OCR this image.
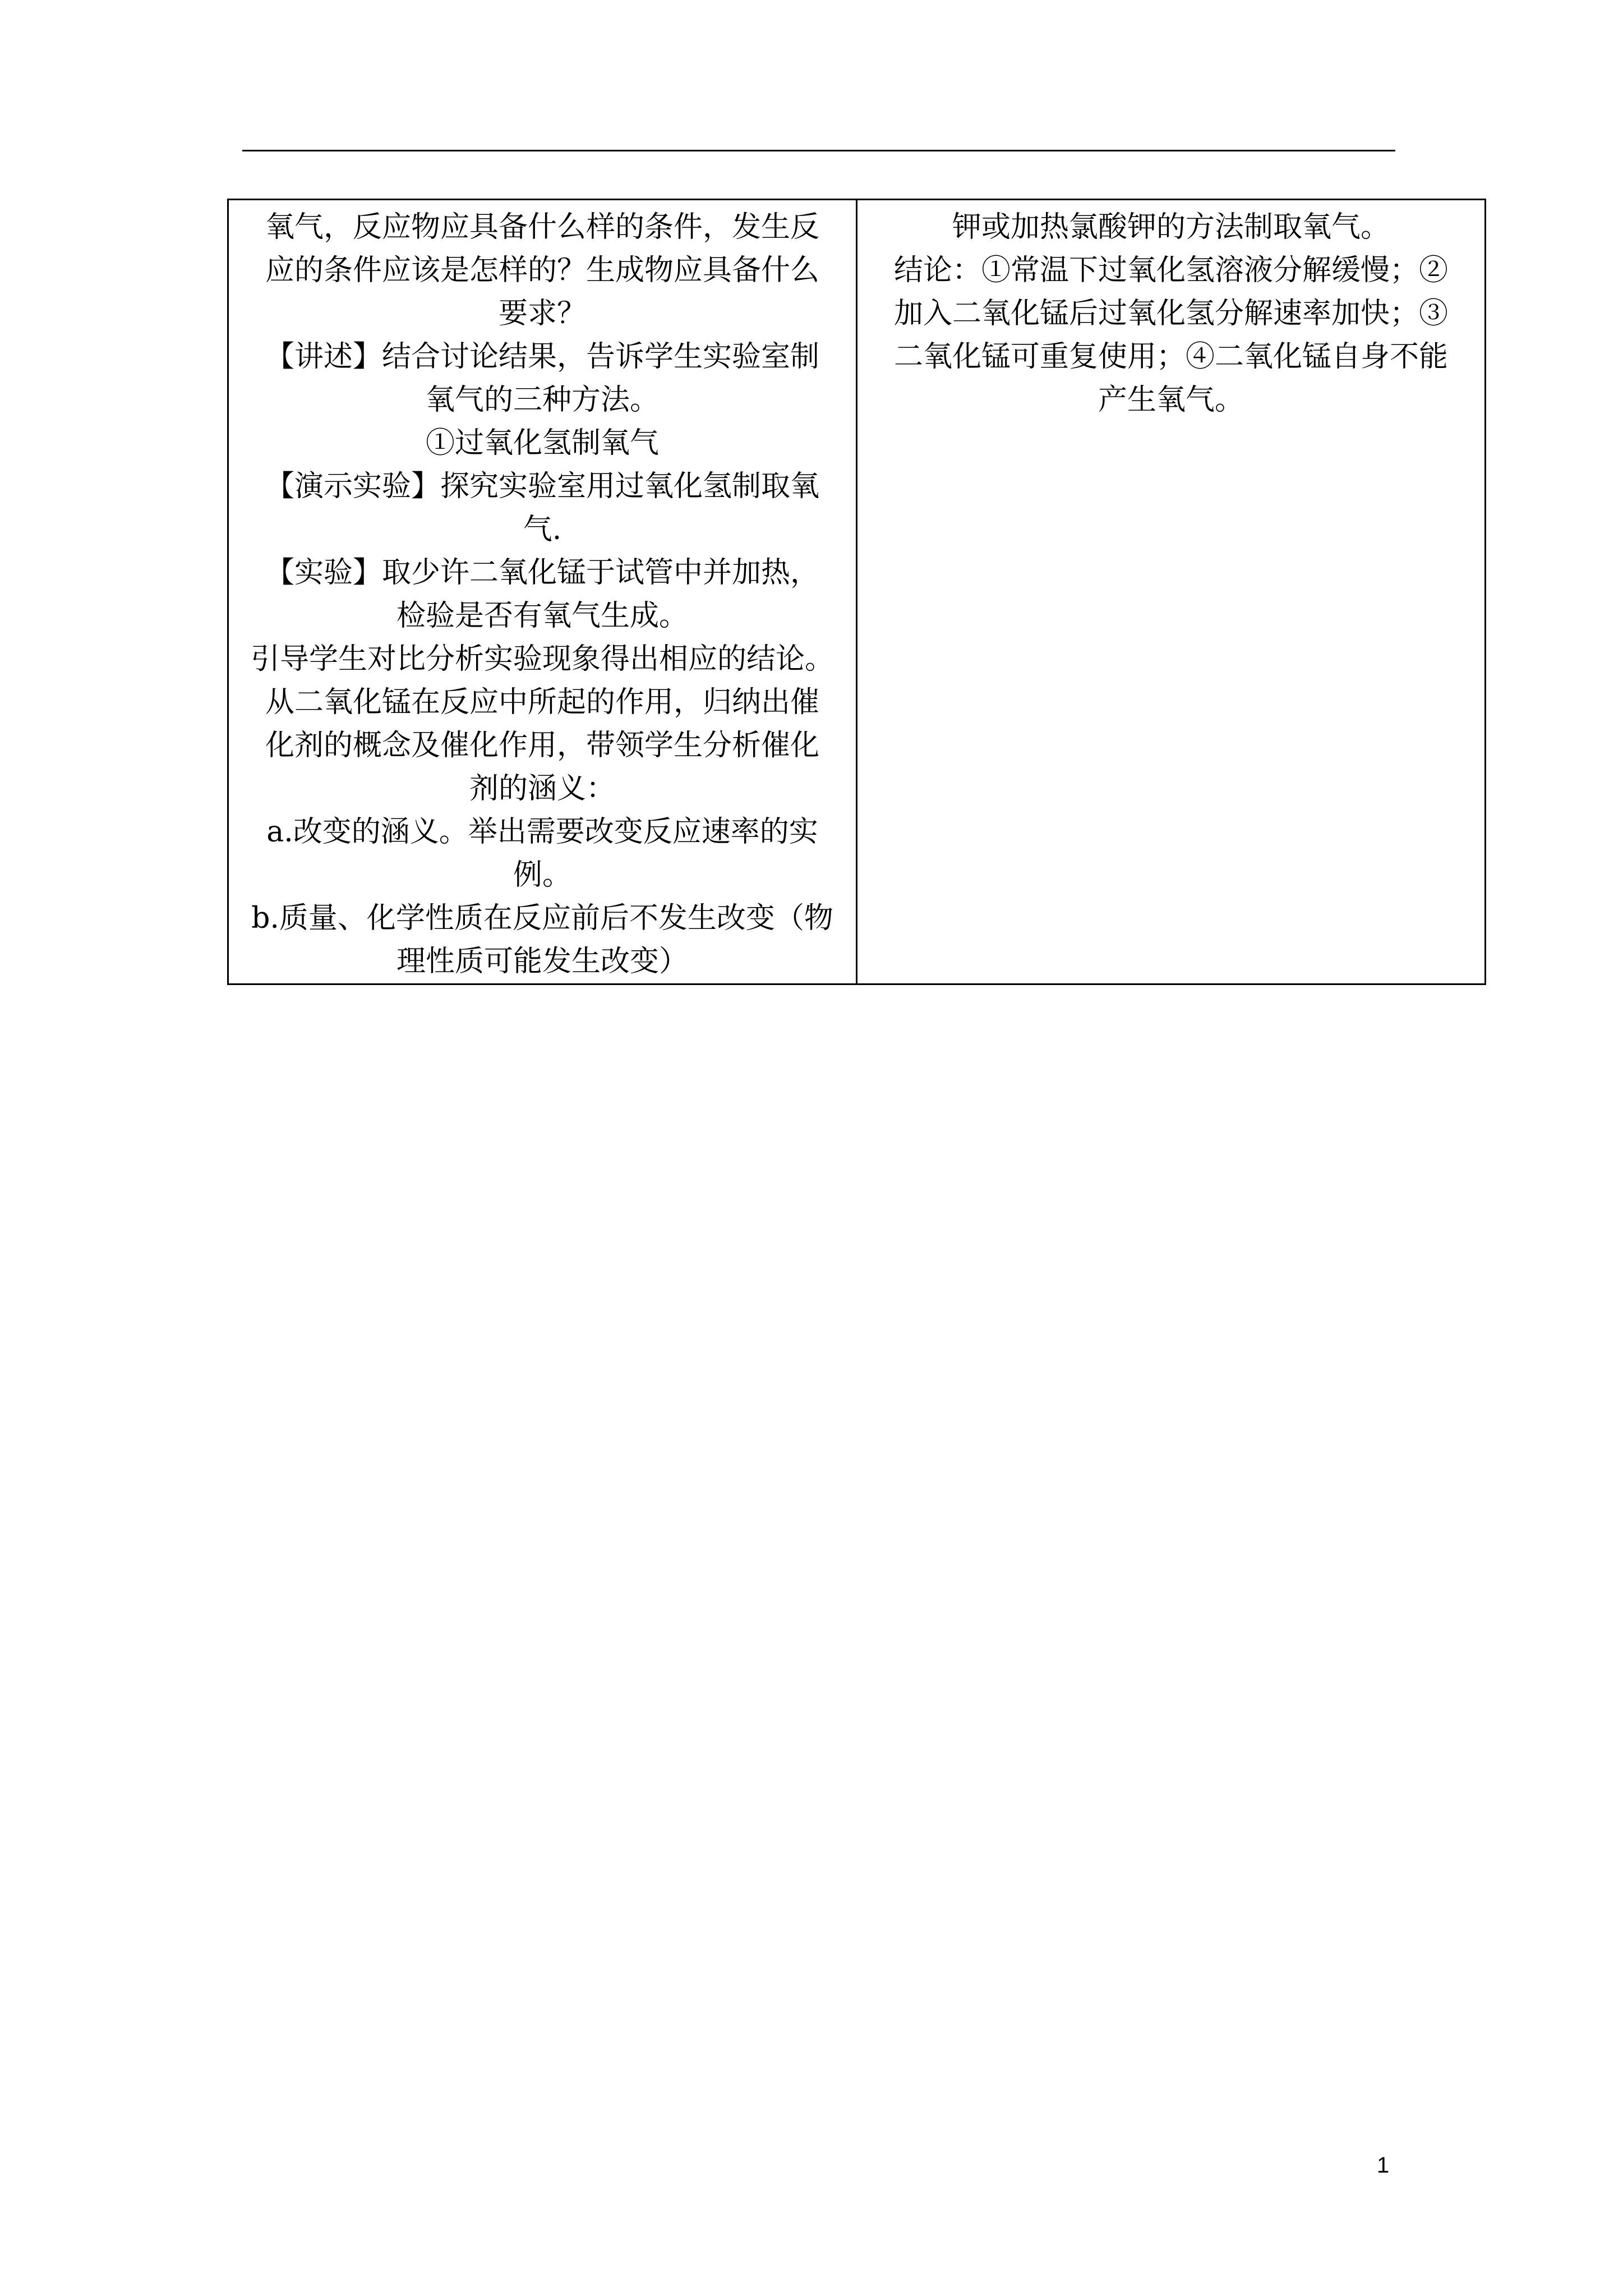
氧气，反应物应具备什么样的条件，发生反
应的条件应该是怎样的？生成物应具备什么
要求？
【讲述】结合讨论结果，告诉学生实验室制
氧气的三种方法。
①过氧化氢制氧气
【演示实验】探究实验室用过氧化氢制取氧
气.
【实验】取少许二氧化锰于试管中并加热，
检验是否有氧气生成。
引导学生对比分析实验现象得出相应的结论。
从二氧化锰在反应中所起的作用，归纳出催
化剂的概念及催化作用，带领学生分析催化
剂的涵义：
a.改变的涵义。举出需要改变反应速率的实
例。
b.质量、化学性质在反应前后不发生改变（物
理性质可能发生改变）

钾或加热氯酸钾的方法制取氧气。
结论：①常温下过氧化氢溶液分解缓慢；②
加入二氧化锰后过氧化氢分解速率加快；③
二氧化锰可重复使用；④二氧化锰自身不能
产生氧气。
1
